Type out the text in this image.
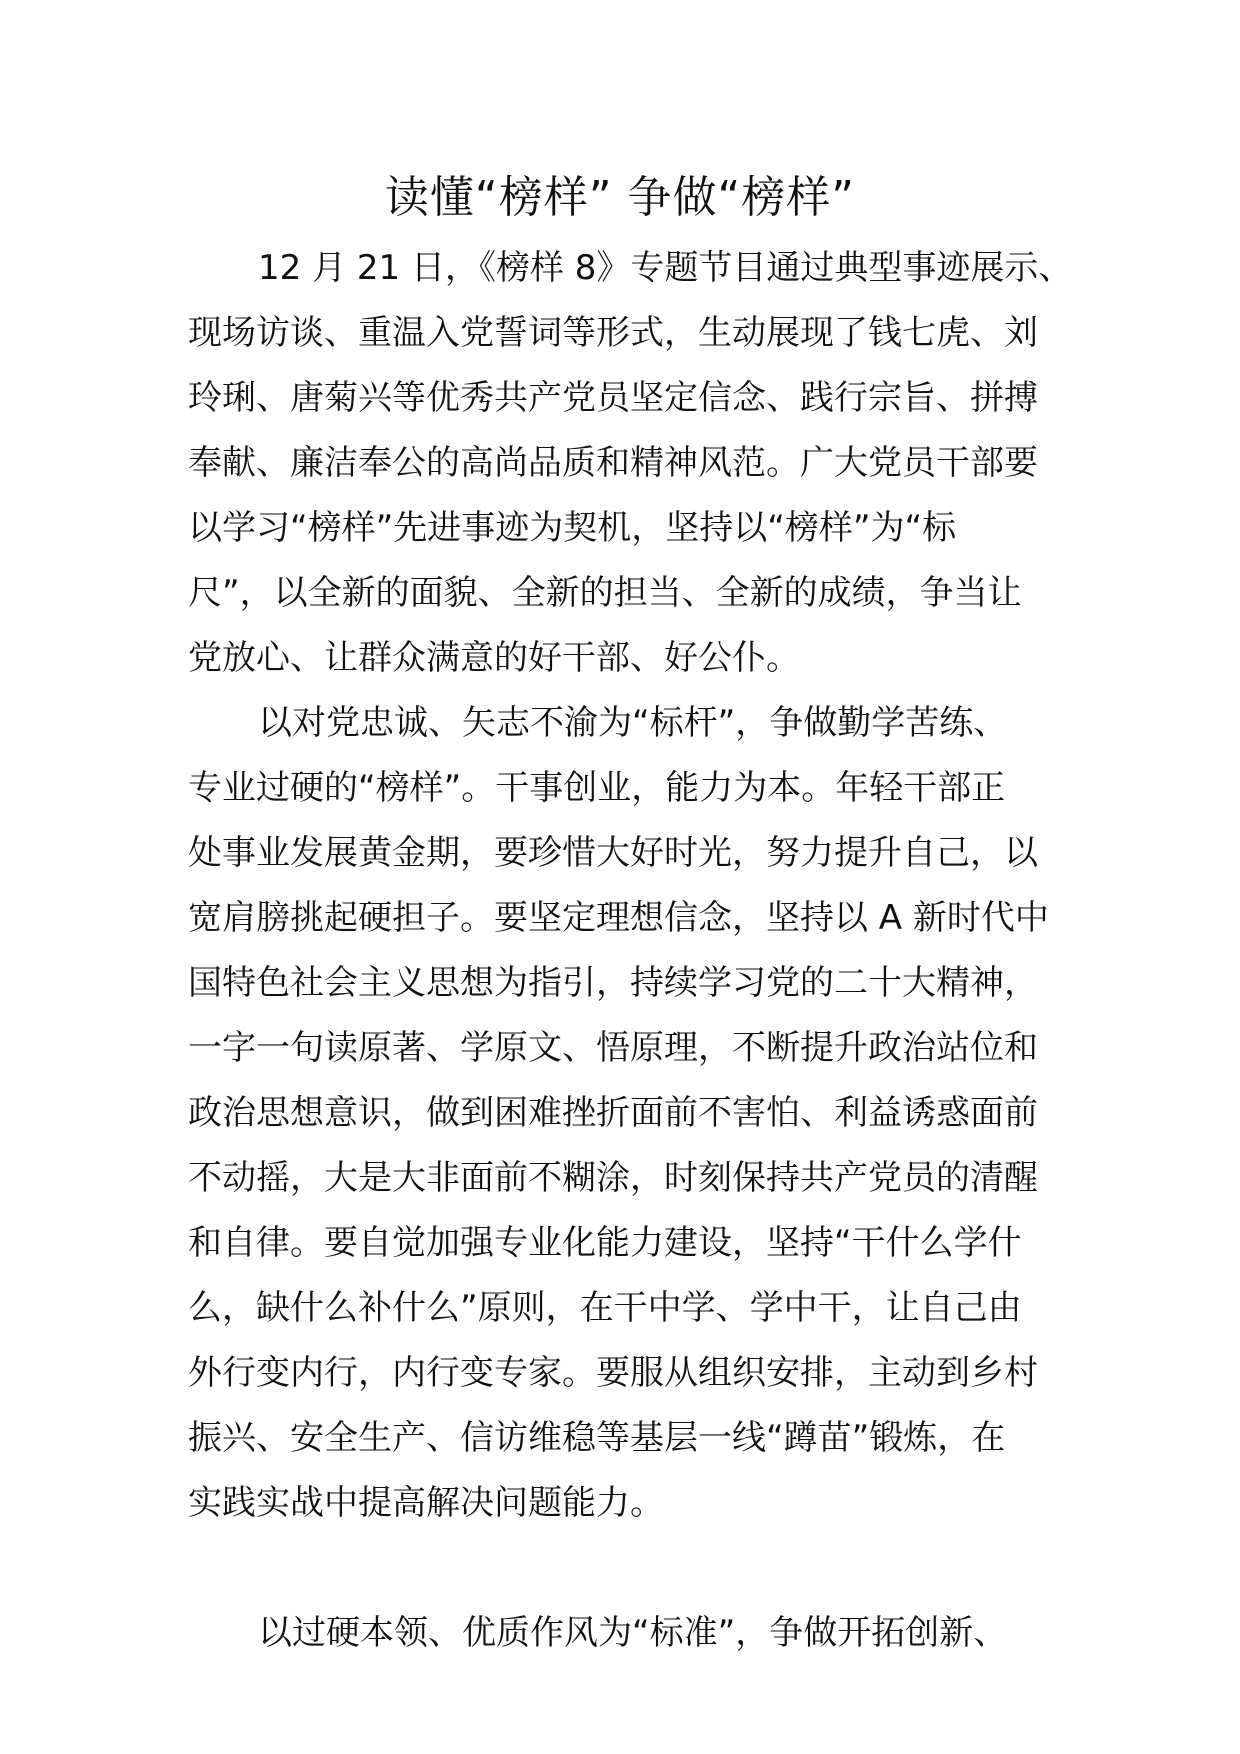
读懂“榜样” 争做“榜样”
12 月 21 日，《榜样 8》专题节目通过典型事迹展示、
现场访谈、重温入党誓词等形式，生动展现了钱七虎、刘
玲琍、唐菊兴等优秀共产党员坚定信念、践行宗旨、拼搏
奉献、廉洁奉公的高尚品质和精神风范。广大党员干部要
以学习“榜样”先进事迹为契机，坚持以“榜样”为“标
尺”，以全新的面貌、全新的担当、全新的成绩，争当让
党放心、让群众满意的好干部、好公仆。
以对党忠诚、矢志不渝为“标杆”，争做勤学苦练、
专业过硬的“榜样”。干事创业，能力为本。年轻干部正
处事业发展黄金期，要珍惜大好时光，努力提升自己，以
宽肩膀挑起硬担子。要坚定理想信念，坚持以 A 新时代中
国特色社会主义思想为指引，持续学习党的二十大精神，
一字一句读原著、学原文、悟原理，不断提升政治站位和
政治思想意识，做到困难挫折面前不害怕、利益诱惑面前
不动摇，大是大非面前不糊涂，时刻保持共产党员的清醒
和自律。要自觉加强专业化能力建设，坚持“干什么学什
么，缺什么补什么”原则，在干中学、学中干，让自己由
外行变内行，内行变专家。要服从组织安排，主动到乡村
振兴、安全生产、信访维稳等基层一线“蹲苗”锻炼，在
实践实战中提高解决问题能力。
以过硬本领、优质作风为“标准”，争做开拓创新、
